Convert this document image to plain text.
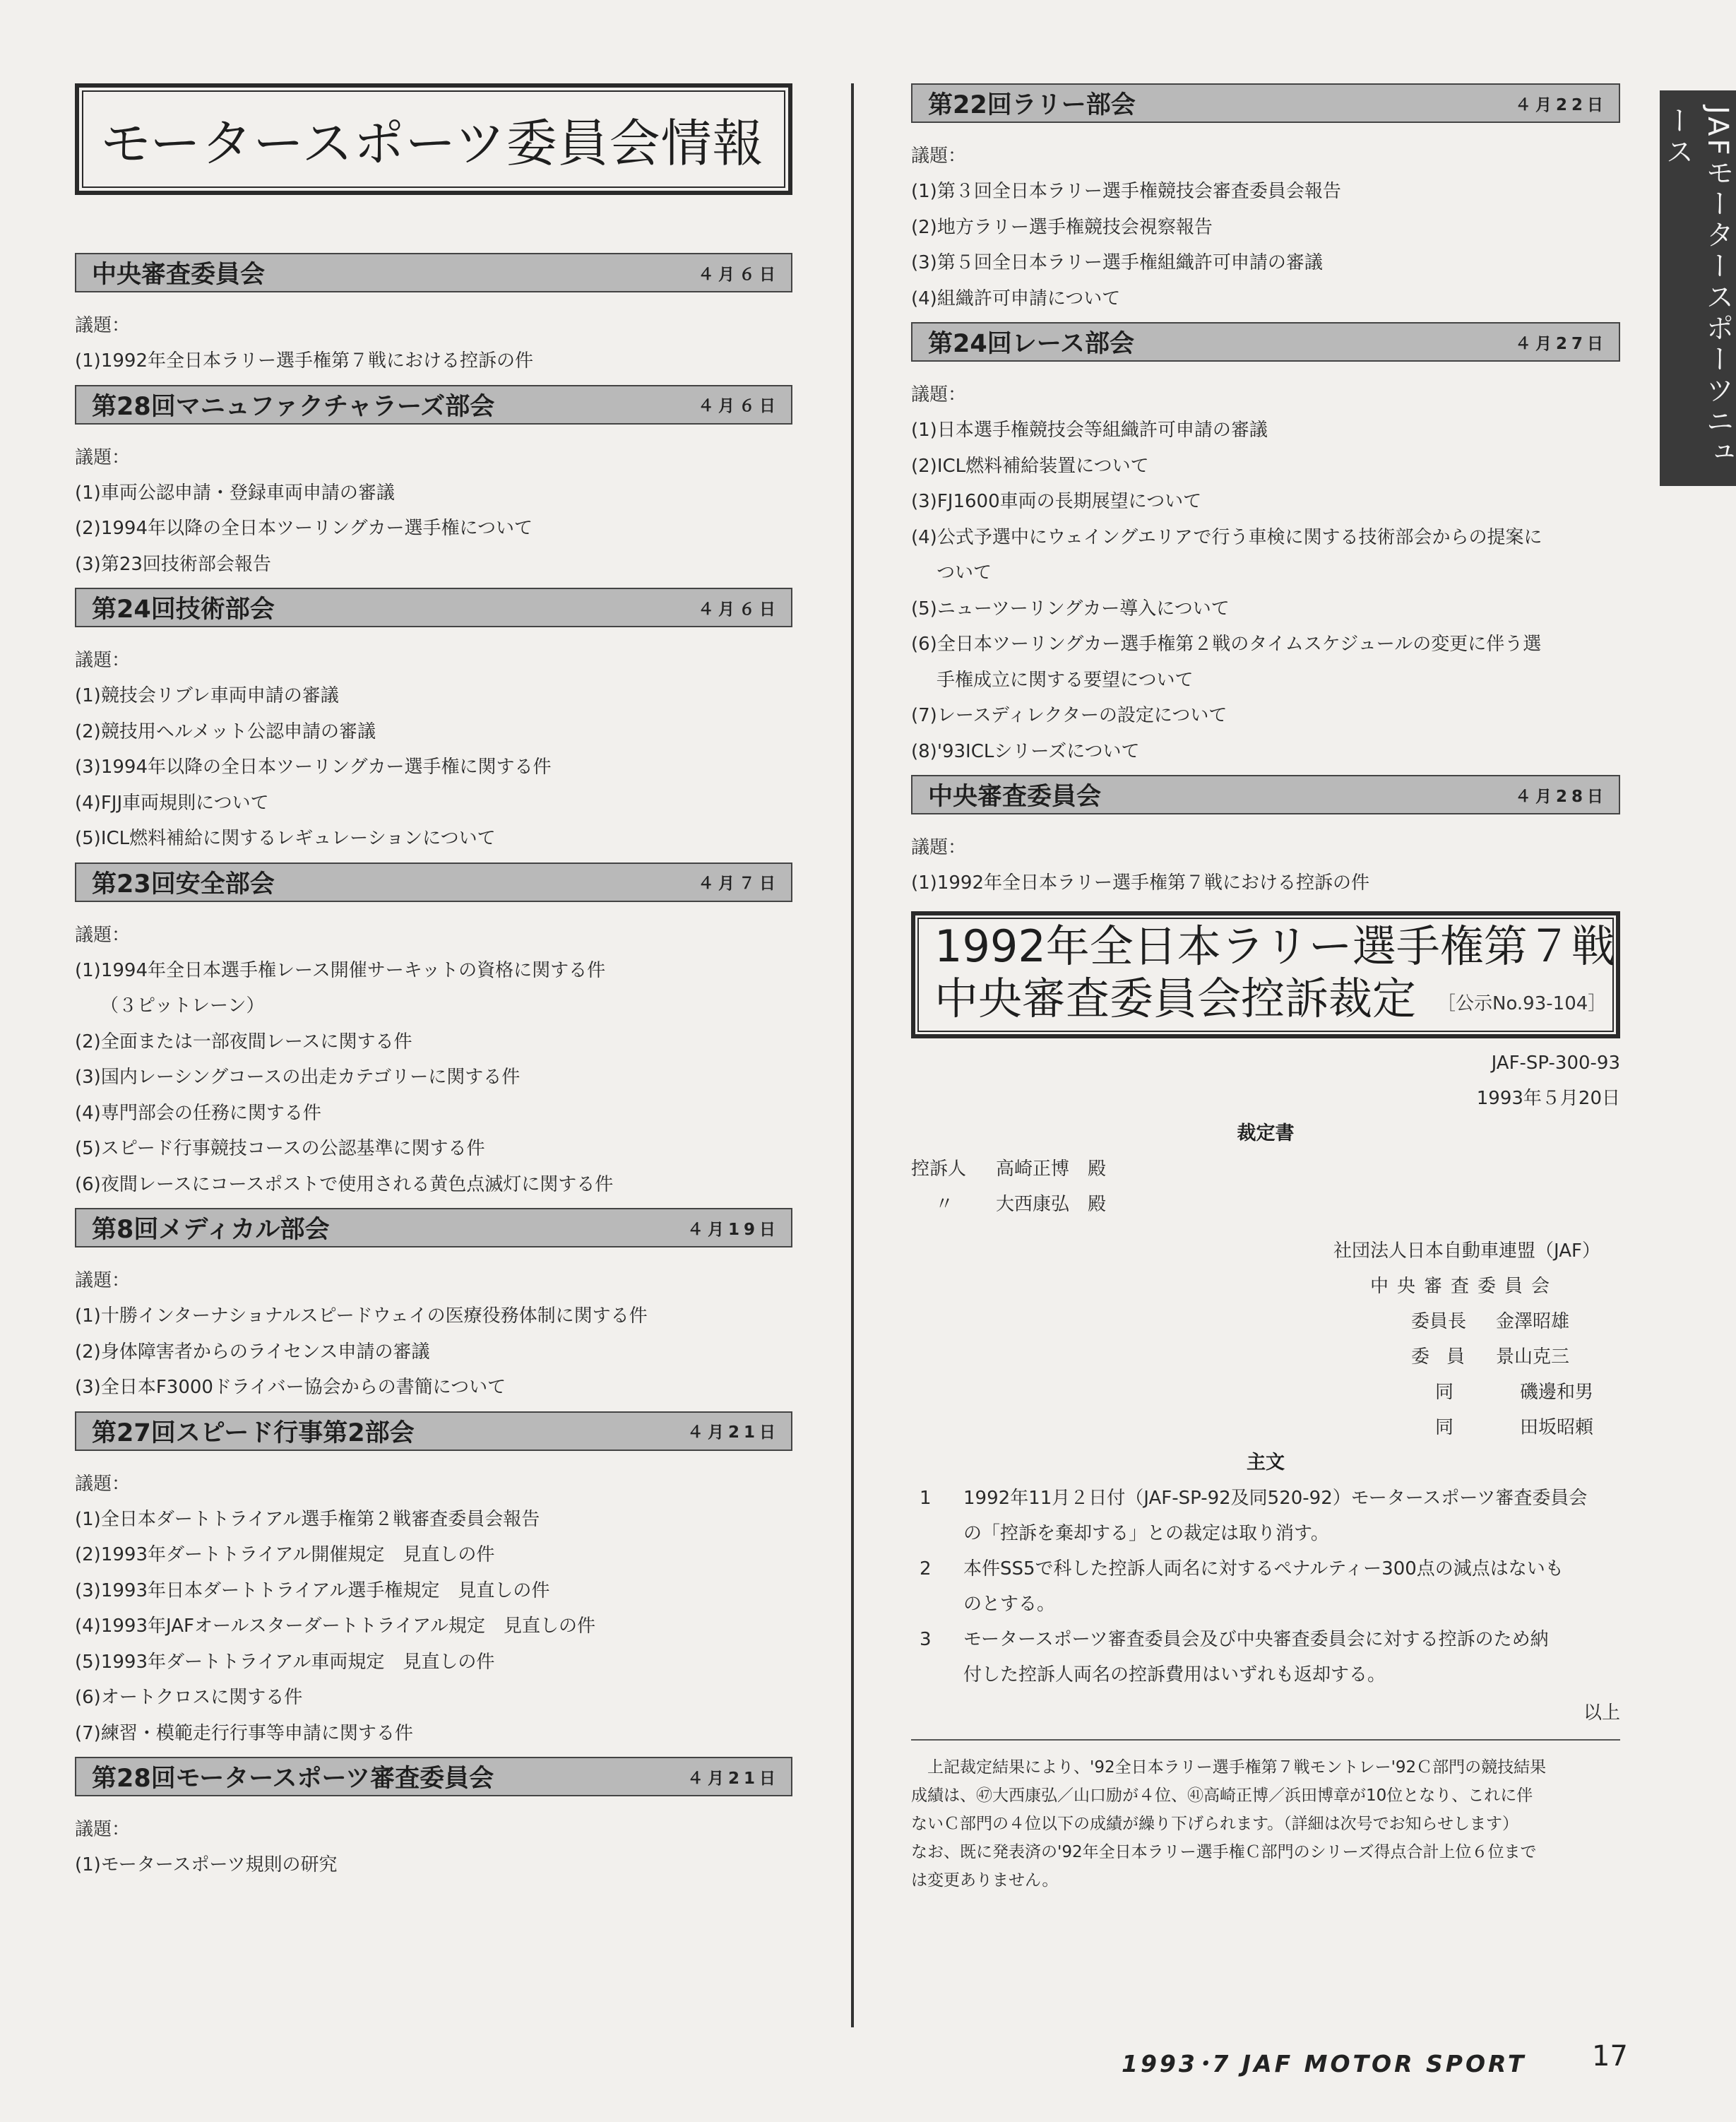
モータースポーツ委員会情報
中央審査委員会	４月６日
議題：
(1)1992年全日本ラリー選手権第７戦における控訴の件
第28回マニュファクチャラーズ部会	４月６日
議題：
(1)車両公認申請・登録車両申請の審議
(2)1994年以降の全日本ツーリングカー選手権について
(3)第23回技術部会報告
第24回技術部会	４月６日
議題：
(1)競技会リブレ車両申請の審議
(2)競技用ヘルメット公認申請の審議
(3)1994年以降の全日本ツーリングカー選手権に関する件
(4)FJJ車両規則について
(5)ICL燃料補給に関するレギュレーションについて
第23回安全部会	４月７日
議題：
(1)1994年全日本選手権レース開催サーキットの資格に関する件
（３ピットレーン）
(2)全面または一部夜間レースに関する件
(3)国内レーシングコースの出走カテゴリーに関する件
(4)専門部会の任務に関する件
(5)スピード行事競技コースの公認基準に関する件
(6)夜間レースにコースポストで使用される黄色点滅灯に関する件
第8回メディカル部会	４月19日
議題：
(1)十勝インターナショナルスピードウェイの医療役務体制に関する件
(2)身体障害者からのライセンス申請の審議
(3)全日本F3000ドライバー協会からの書簡について
第27回スピード行事第2部会	４月21日
議題：
(1)全日本ダートトライアル選手権第２戦審査委員会報告
(2)1993年ダートトライアル開催規定　見直しの件
(3)1993年日本ダートトライアル選手権規定　見直しの件
(4)1993年JAFオールスターダートトライアル規定　見直しの件
(5)1993年ダートトライアル車両規定　見直しの件
(6)オートクロスに関する件
(7)練習・模範走行行事等申請に関する件
第28回モータースポーツ審査委員会	４月21日
議題：
(1)モータースポーツ規則の研究
第22回ラリー部会	４月22日
議題：
(1)第３回全日本ラリー選手権競技会審査委員会報告
(2)地方ラリー選手権競技会視察報告
(3)第５回全日本ラリー選手権組織許可申請の審議
(4)組織許可申請について
第24回レース部会	４月27日
議題：
(1)日本選手権競技会等組織許可申請の審議
(2)ICL燃料補給装置について
(3)FJ1600車両の長期展望について
(4)公式予選中にウェイングエリアで行う車検に関する技術部会からの提案に
ついて
(5)ニューツーリングカー導入について
(6)全日本ツーリングカー選手権第２戦のタイムスケジュールの変更に伴う選
手権成立に関する要望について
(7)レースディレクターの設定について
(8)'93ICLシリーズについて
中央審査委員会	４月28日
議題：
(1)1992年全日本ラリー選手権第７戦における控訴の件
1992年全日本ラリー選手権第７戦
中央審査委員会控訴裁定 ［公示No.93-104］
JAF-SP-300-93
1993年５月20日
裁定書
控訴人	高崎正博　殿
〃	大西康弘　殿
社団法人日本自動車連盟（JAF）
中央審査委員会
委員長	金澤昭雄
委員 景山克三
同	磯邊和男
同	田坂昭頼
主文
1	1992年11月２日付（JAF-SP-92及同520-92）モータースポーツ審査委員会
の「控訴を棄却する」との裁定は取り消す。
2	本件SS5で科した控訴人両名に対するペナルティー300点の減点はないも
のとする。
3	モータースポーツ審査委員会及び中央審査委員会に対する控訴のため納
付した控訴人両名の控訴費用はいずれも返却する。
以上
　上記裁定結果により、'92全日本ラリー選手権第７戦モントレー'92Ｃ部門の競技結果
成績は、㊼大西康弘／山口励が４位、㊶高崎正博／浜田博章が10位となり、これに伴
ないＣ部門の４位以下の成績が繰り下げられます。（詳細は次号でお知らせします）
なお、既に発表済の'92年全日本ラリー選手権Ｃ部門のシリーズ得点合計上位６位まで
は変更ありません。
JAFモータースポーツニュース
1993･7 JAF MOTOR SPORT 17
